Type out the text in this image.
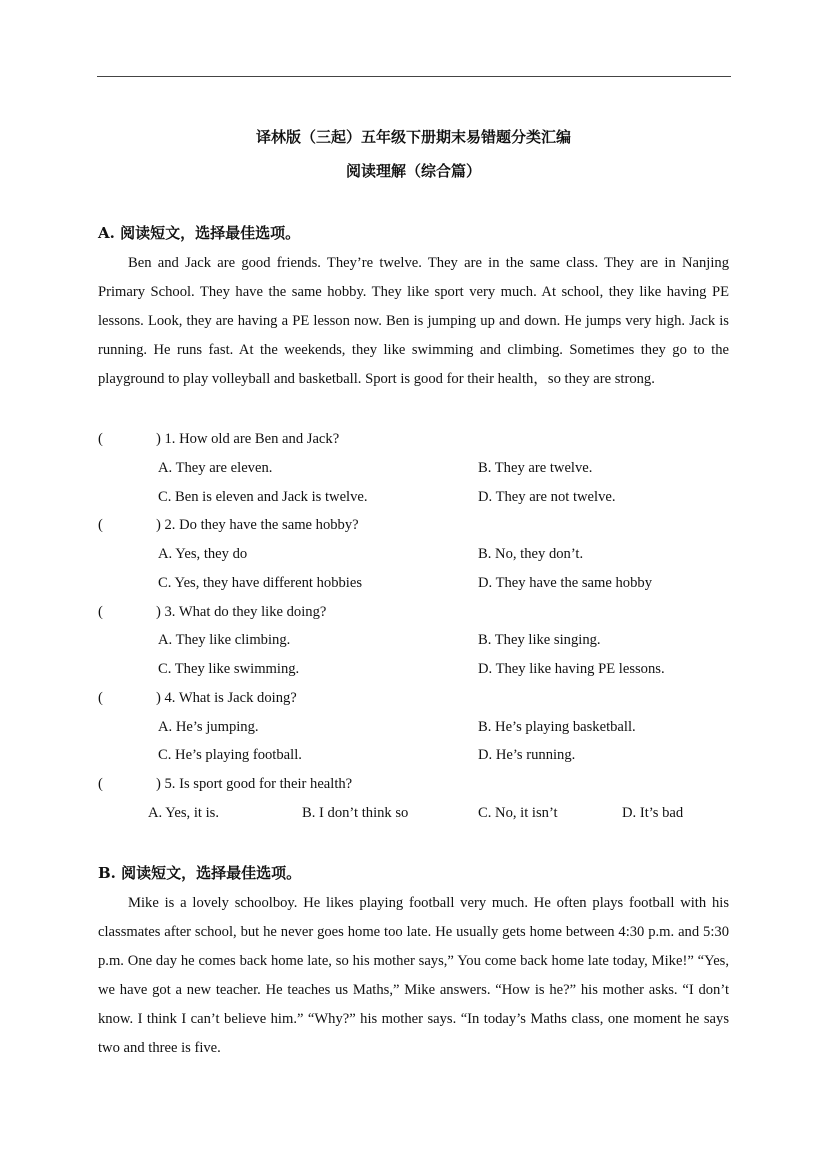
译林版（三起）五年级下册期末易错题分类汇编
阅读理解（综合篇）
A. 阅读短文，选择最佳选项。

Ben and Jack are good friends. They’re twelve. They are in the same class. They are in Nanjing Primary School. They have the same hobby. They like sport very much. At school, they like having PE lessons. Look, they are having a PE lesson now. Ben is jumping up and down. He jumps very high. Jack is running. He runs fast. At the weekends, they like swimming and climbing. Sometimes they go to the playground to play volleyball and basketball. Sport is good for their health，so they are strong.

(	) 1. How old are Ben and Jack?
A. They are eleven.	B. They are twelve.
C. Ben is eleven and Jack is twelve.	D. They are not twelve.
(	) 2. Do they have the same hobby?
A. Yes, they do	B. No, they don’t.
C. Yes, they have different hobbies	D. They have the same hobby
(	) 3. What do they like doing?
A. They like climbing.	B. They like singing.
C. They like swimming.	D. They like having PE lessons.
(	) 4. What is Jack doing?
A. He’s jumping.	B. He’s playing basketball.
C. He’s playing football.	D. He’s running.
(	) 5. Is sport good for their health?
A. Yes, it is.	B. I don’t think so	C. No, it isn’t	D. It’s bad
B. 阅读短文，选择最佳选项。

Mike is a lovely schoolboy. He likes playing football very much. He often plays football with his classmates after school, but he never goes home too late. He usually gets home between 4:30 p.m. and 5:30 p.m. One day he comes back home late, so his mother says,” You come back home late today, Mike!” “Yes, we have got a new teacher. He teaches us Maths,” Mike answers. “How is he?” his mother asks. “I don’t know. I think I can’t believe him.” “Why?” his mother says. “In today’s Maths class, one moment he says two and three is five.
